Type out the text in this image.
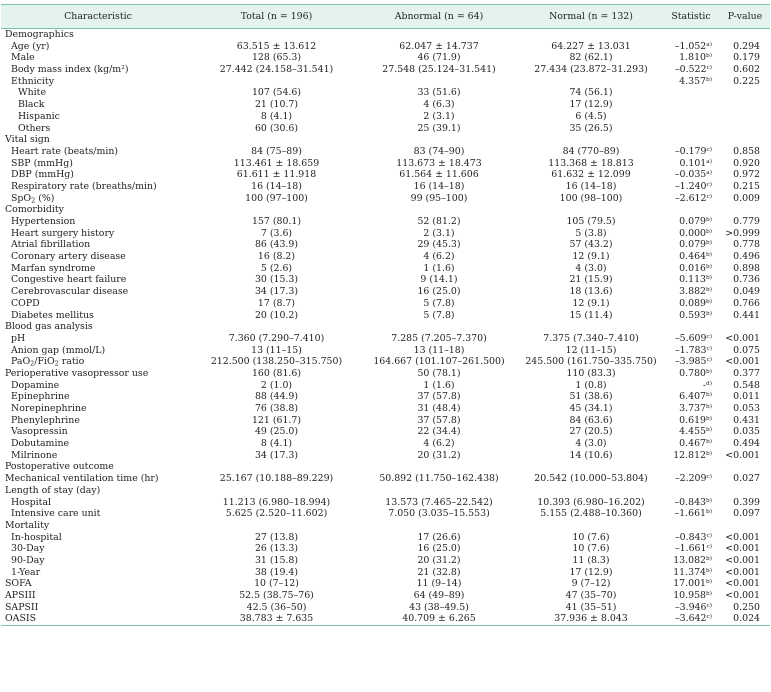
Characteristic	Total (n = 196)	Abnormal (n = 64)	Normal (n = 132)	Statistic	P-value
Demographics					
Age (yr)	63.515 ± 13.612	62.047 ± 14.737	64.227 ± 13.031	–1.052$^{a)}$	0.294
Male	128 (65.3)	46 (71.9)	82 (62.1)	1.810$^{b)}$	0.179
Body mass index $(kg/m^2)$	27.442 (24.158–31.541)	27.548 (25.124–31.541)	27.434 (23.872–31.293)	–0.522$^{c)}$	0.602
Ethnicity				4.357$^{b)}$	0.225
White	107 (54.6)	33 (51.6)	74 (56.1)		
Black	21 (10.7)	4 (6.3)	17 (12.9)		
Hispanic	8 (4.1)	2 (3.1)	6 (4.5)		
Others	60 (30.6)	25 (39.1)	35 (26.5)		
Vital sign					
Heart rate (beats/min)	84 (75–89)	83 (74–90)	84 (770–89)	–0.179$^{c)}$	0.858
SBP (mmHg)	113.461 ± 18.659	113.673 ± 18.473	113.368 ± 18.813	0.101$^{a)}$	0.920
DBP (mmHg)	61.611 ± 11.918	61.564 ± 11.606	61.632 ± 12.099	–0.035$^{a)}$	0.972
Respiratory rate (breaths/min)	16 (14–18)	16 (14–18)	16 (14–18)	–1.240$^{c)}$	0.215
SpO$_2$ (%)	100 (97–100)	99 (95–100)	100 (98–100)	–2.612$^{c)}$	0.009
Comorbidity					
Hypertension	157 (80.1)	52 (81.2)	105 (79.5)	0.079$^{b)}$	0.779
Heart surgery history	7 (3.6)	2 (3.1)	5 (3.8)	$0.000^{b)}$	>0.999
Atrial fibrillation	86 (43.9)	29 (45.3)	57 (43.2)	0.079$^{b)}$	0.778
Coronary artery disease	16 (8.2)	4 (6.2)	12 (9.1)	0.464$^{b)}$	0.496
Marfan syndrome	5 (2.6)	1 (1.6)	4 (3.0)	0.016$^{b)}$	0.898
Congestive heart failure	30 (15.3)	9 (14.1)	21 (15.9)	0.113$^{b)}$	0.736
Cerebrovascular disease	34 (17.3)	16 (25.0)	18 (13.6)	3.882$^{b)}$	0.049
COPD	17 (8.7)	5 (7.8)	12 (9.1)	0.089$^{b)}$	0.766
Diabetes mellitus	20 (10.2)	5 (7.8)	15 (11.4)	0.593$^{b)}$	0.441
Blood gas analysis					
pH	7.360 (7.290–7.410)	7.285 (7.205–7.370)	7.375 (7.340–7.410)	$-5.609^{c)}$	<0.001
Anion gap (mmol/L)	13 (11–15)	13 (11–18)	12 (11–15)	–1.783$^{c)}$	0.075
PaO$_2$/FiO$_2$ ratio	212.500 (138.250–315.750)	164.667 (101.107–261.500)	245.500 (161.750–335.750)	$-3.985^{c)}$	<0.001
Perioperative vasopressor use	160 (81.6)	50 (78.1)	110 (83.3)	0.780$^{b)}$	0.377
Dopamine	2 (1.0)	1 (1.6)	1 (0.8)	-$^{d)}$	0.548
Epinephrine	88 (44.9)	37 (57.8)	51 (38.6)	6.407$^{b)}$	0.011
Norepinephrine	76 (38.8)	31 (48.4)	45 (34.1)	3.737$^{b)}$	0.053
Phenylephrine	121 (61.7)	37 (57.8)	84 (63.6)	0.619$^{b)}$	0.431
Vasopressin	49 (25.0)	22 (34.4)	27 (20.5)	4.455$^{b)}$	0.035
Dobutamine	8 (4.1)	4 (6.2)	4 (3.0)	0.467$^{b)}$	0.494
Milrinone	34 (17.3)	20 (31.2)	14 (10.6)	$12.812^{b)}$	<0.001
Postoperative outcome					
Mechanical ventilation time (hr)	25.167 (10.188–89.229)	50.892 (11.750–162.438)	20.542 (10.000–53.804)	–2.209$^{c)}$	0.027
Length of stay (day)					
Hospital	11.213 (6.980–18.994)	13.573 (7.465–22.542)	10.393 (6.980–16.202)	–0.843$^{b)}$	0.399
Intensive care unit	5.625 (2.520–11.602)	7.050 (3.035–15.553)	5.155 (2.488–10.360)	–1.661$^{b)}$	0.097
Mortality					
In-hospital	27 (13.8)	17 (26.6)	10 (7.6)	$-0.843^{c)}$	<0.001
30-Day	26 (13.3)	16 (25.0)	10 (7.6)	$-1.661^{c)}$	<0.001
90-Day	31 (15.8)	20 (31.2)	11 (8.3)	$13.082^{b)}$	<0.001
1-Year	38 (19.4)	21 (32.8)	17 (12.9)	$11.374^{b)}$	<0.001
SOFA	10 (7–12)	11 (9–14)	9 (7–12)	$17.001^{b)}$	<0.001
APSIII	52.5 (38.75–76)	64 (49–89)	47 (35–70)	$10.958^{b)}$	<0.001
SAPSII	42.5 (36–50)	43 (38–49.5)	41 (35–51)	–3.946$^{c)}$	0.250
OASIS	38.783 ± 7.635	40.709 ± 6.265	37.936 ± 8.043	–3.642$^{c)}$	0.024
